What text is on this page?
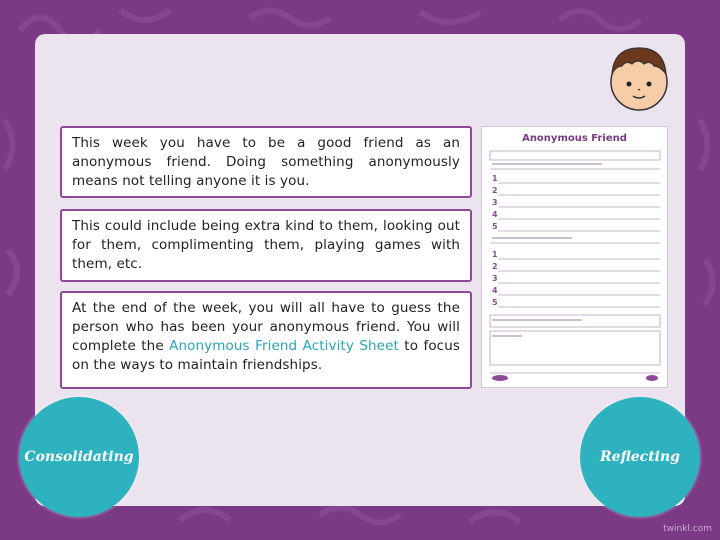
This week you have to be a good friend as an anonymous friend. Doing something anonymously means not telling anyone it is you.
This could include being extra kind to them, looking out for them, complimenting them, playing games with them, etc.
At the end of the week, you will all have to guess the person who has been your anonymous friend. You will complete the Anonymous Friend Activity Sheet to focus on the ways to maintain friendships.
Anonymous Friend
1
2
3
4
5
1
2
3
4
5
Consolidating	Reflecting
twinkl.com
